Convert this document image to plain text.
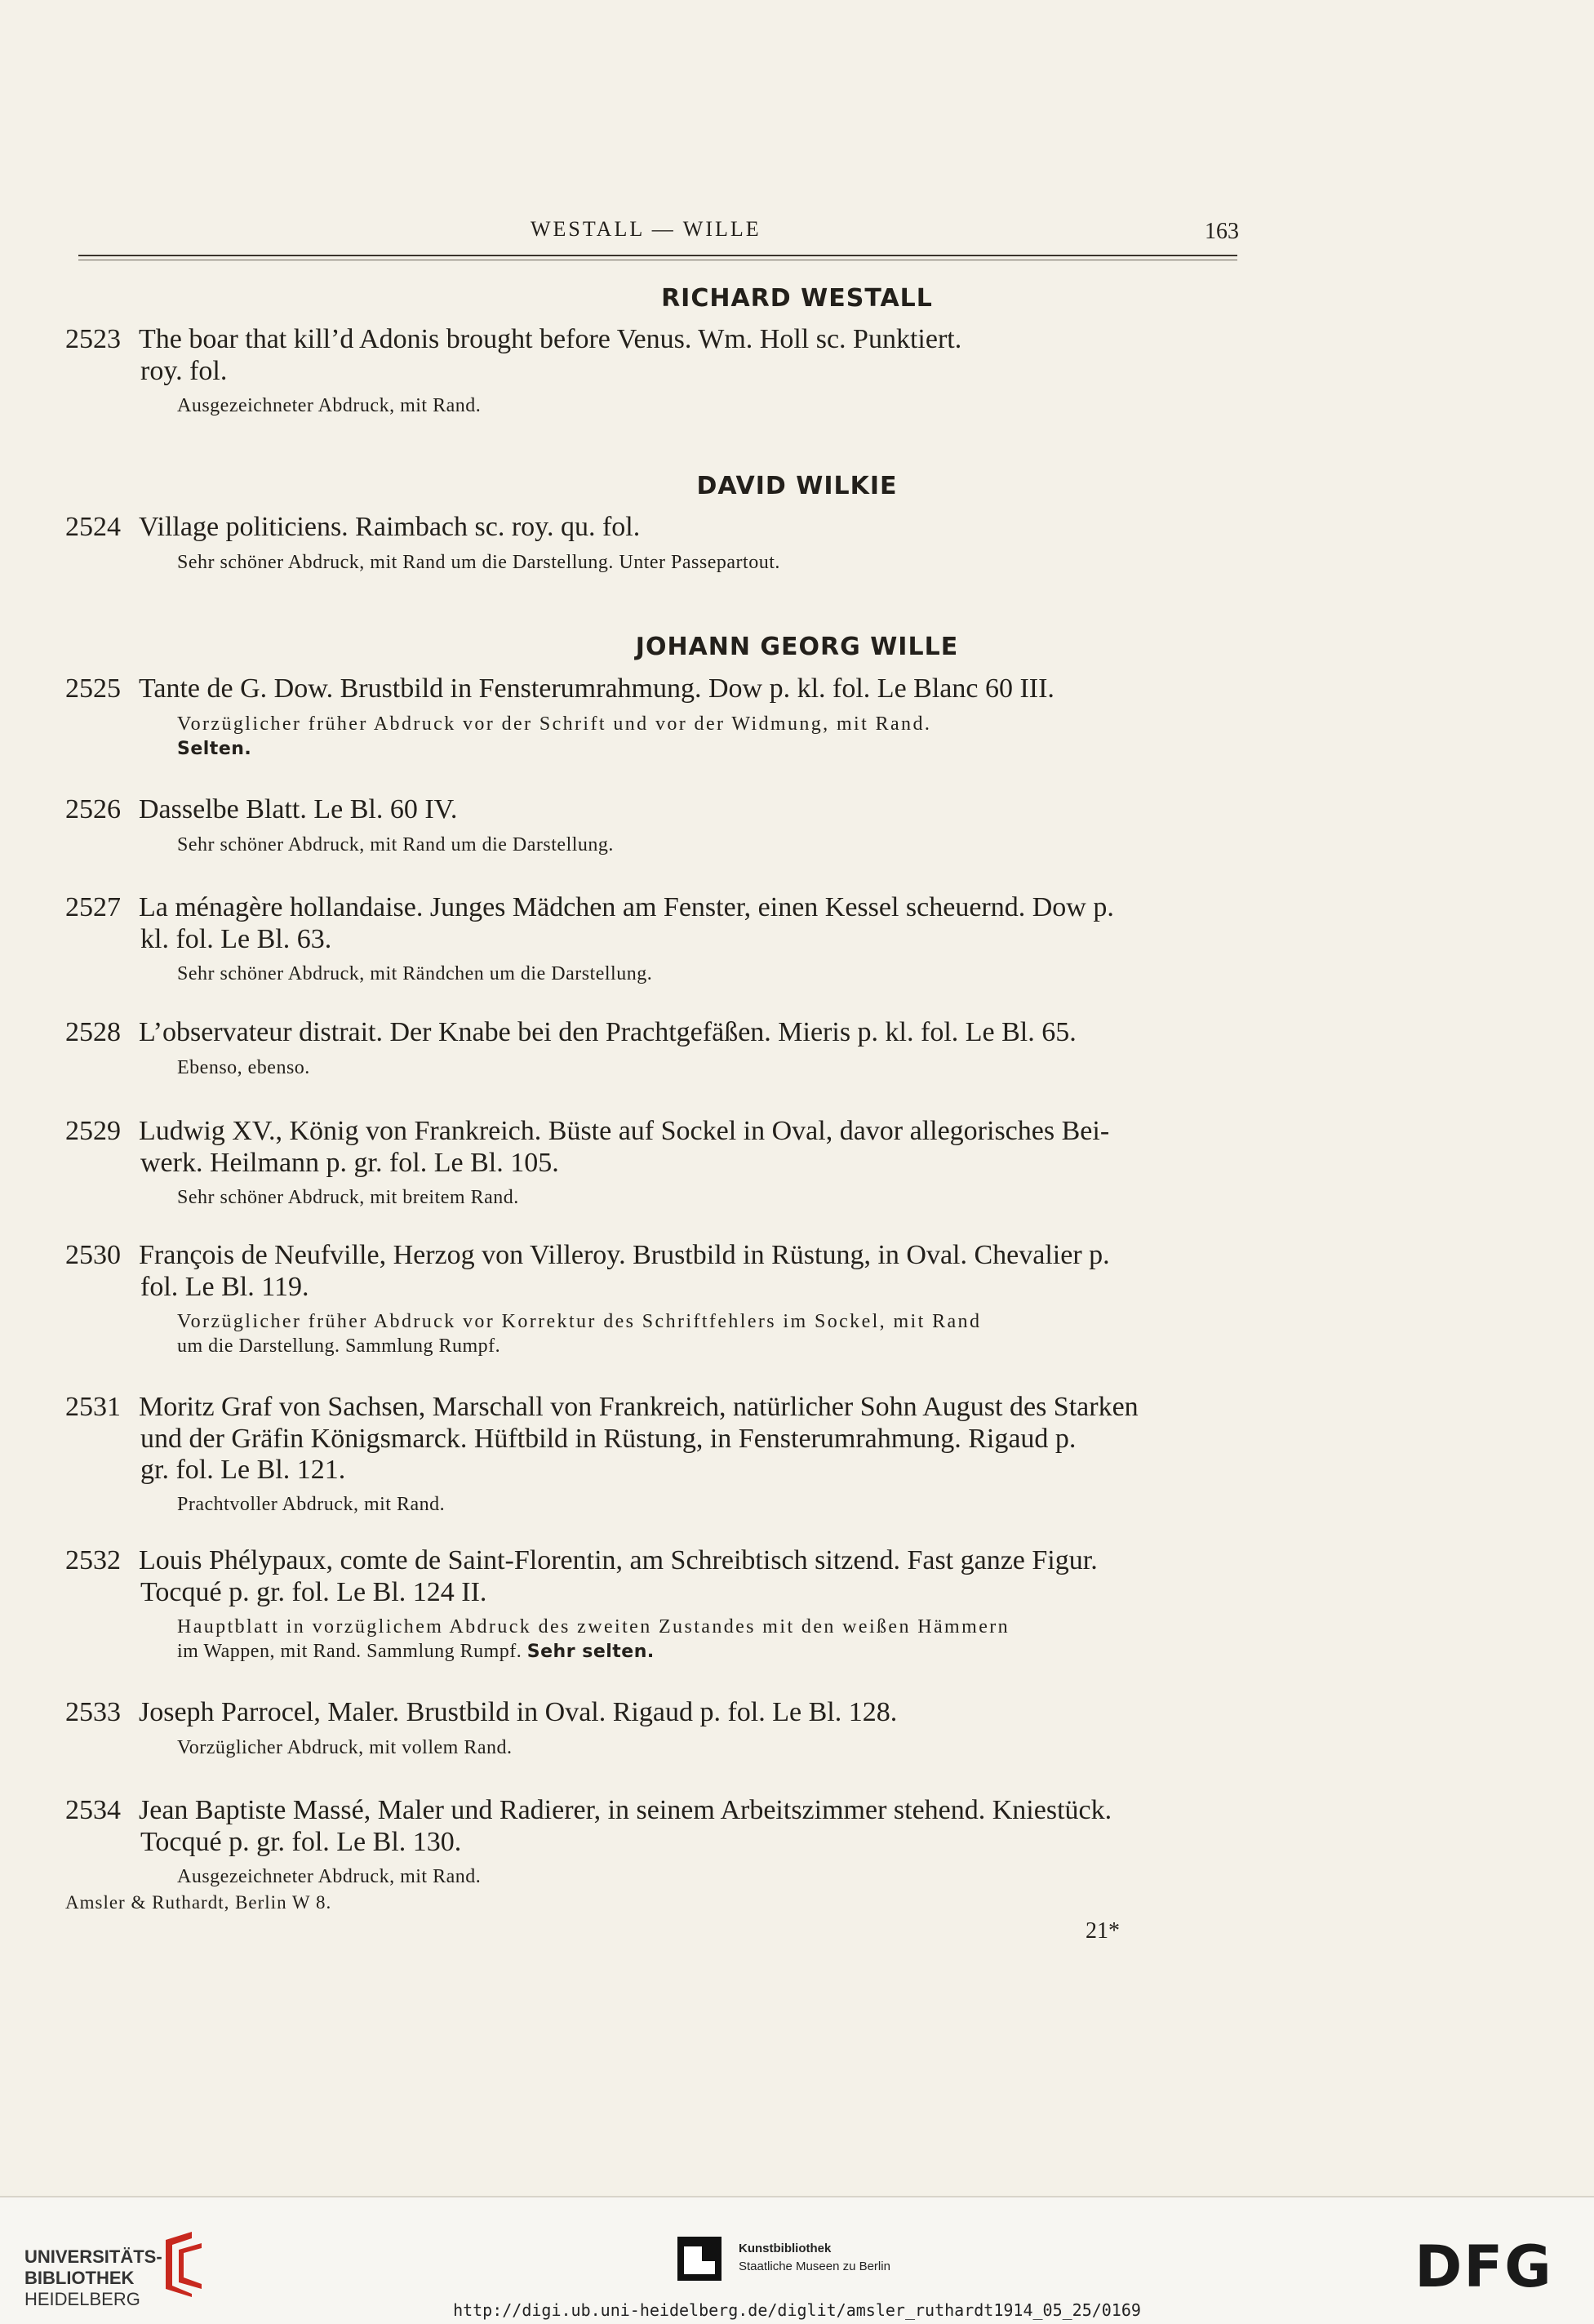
WESTALL — WILLE	163
RICHARD WESTALL
2523 The boar that kill’d Adonis brought before Venus. Wm. Holl sc. Punktiert.
roy. fol.
Ausgezeichneter Abdruck, mit Rand.
DAVID WILKIE
2524 Village politiciens. Raimbach sc. roy. qu. fol.
Sehr schöner Abdruck, mit Rand um die Darstellung. Unter Passepartout.
JOHANN GEORG WILLE
2525 Tante de G. Dow. Brustbild in Fensterumrahmung. Dow p. kl. fol. Le Blanc 60 III.
Vorzüglicher früher Abdruck vor der Schrift und vor der Widmung, mit Rand.
Selten.
2526 Dasselbe Blatt. Le Bl. 60 IV.
Sehr schöner Abdruck, mit Rand um die Darstellung.
2527 La ménagère hollandaise. Junges Mädchen am Fenster, einen Kessel scheuernd. Dow p.
kl. fol. Le Bl. 63.
Sehr schöner Abdruck, mit Rändchen um die Darstellung.
2528 L’observateur distrait. Der Knabe bei den Prachtgefäßen. Mieris p. kl. fol. Le Bl. 65.
Ebenso, ebenso.
2529 Ludwig XV., König von Frankreich. Büste auf Sockel in Oval, davor allegorisches Bei-
werk. Heilmann p. gr. fol. Le Bl. 105.
Sehr schöner Abdruck, mit breitem Rand.
2530 François de Neufville, Herzog von Villeroy. Brustbild in Rüstung, in Oval. Chevalier p.
fol. Le Bl. 119.
Vorzüglicher früher Abdruck vor Korrektur des Schriftfehlers im Sockel, mit Rand
um die Darstellung. Sammlung Rumpf.
2531 Moritz Graf von Sachsen, Marschall von Frankreich, natürlicher Sohn August des Starken
und der Gräfin Königsmarck. Hüftbild in Rüstung, in Fensterumrahmung. Rigaud p.
gr. fol. Le Bl. 121.
Prachtvoller Abdruck, mit Rand.
2532 Louis Phélypaux, comte de Saint-Florentin, am Schreibtisch sitzend. Fast ganze Figur.
Tocqué p. gr. fol. Le Bl. 124 II.
Hauptblatt in vorzüglichem Abdruck des zweiten Zustandes mit den weißen Hämmern
im Wappen, mit Rand. Sammlung Rumpf. Sehr selten.
2533 Joseph Parrocel, Maler. Brustbild in Oval. Rigaud p. fol. Le Bl. 128.
Vorzüglicher Abdruck, mit vollem Rand.
2534 Jean Baptiste Massé, Maler und Radierer, in seinem Arbeitszimmer stehend. Kniestück.
Tocqué p. gr. fol. Le Bl. 130.
Ausgezeichneter Abdruck, mit Rand.
Amsler & Ruthardt, Berlin W 8.
21*
UNIVERSITÄTS-
BIBLIOTHEK
HEIDELBERG
Kunstbibliothek
Staatliche Museen zu Berlin	DFG
http://digi.ub.uni-heidelberg.de/diglit/amsler_ruthardt1914_05_25/0169
